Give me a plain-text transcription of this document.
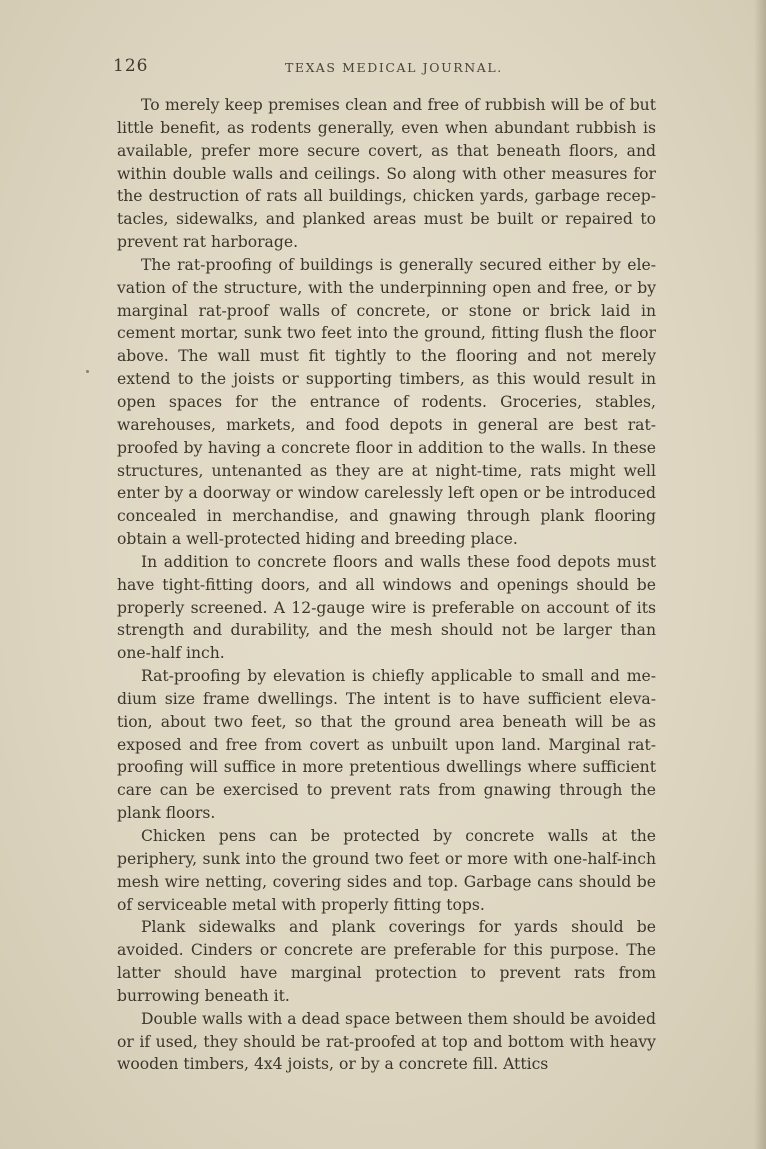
126	TEXAS MEDICAL JOURNAL.

To merely keep premises clean and free of rubbish will be of but little benefit, as rodents generally, even when abundant rubbish is available, prefer more secure covert, as that beneath floors, and within double walls and ceilings. So along with other measures for the destruction of rats all buildings, chicken yards, garbage receptacles, sidewalks, and planked areas must be built or repaired to prevent rat harborage.

The rat-proofing of buildings is generally secured either by elevation of the structure, with the underpinning open and free, or by marginal rat-proof walls of concrete, or stone or brick laid in cement mortar, sunk two feet into the ground, fitting flush the floor above. The wall must fit tightly to the flooring and not merely extend to the joists or supporting timbers, as this would result in open spaces for the entrance of rodents. Groceries, stables, warehouses, markets, and food depots in general are best rat-proofed by having a concrete floor in addition to the walls. In these structures, untenanted as they are at night-time, rats might well enter by a doorway or window carelessly left open or be introduced concealed in merchandise, and gnawing through plank flooring obtain a well-protected hiding and breeding place.

In addition to concrete floors and walls these food depots must have tight-fitting doors, and all windows and openings should be properly screened. A 12-gauge wire is preferable on account of its strength and durability, and the mesh should not be larger than one-half inch.

Rat-proofing by elevation is chiefly applicable to small and medium size frame dwellings. The intent is to have sufficient elevation, about two feet, so that the ground area beneath will be as exposed and free from covert as unbuilt upon land. Marginal rat-proofing will suffice in more pretentious dwellings where sufficient care can be exercised to prevent rats from gnawing through the plank floors.

Chicken pens can be protected by concrete walls at the periphery, sunk into the ground two feet or more with one-half-inch mesh wire netting, covering sides and top. Garbage cans should be of serviceable metal with properly fitting tops.

Plank sidewalks and plank coverings for yards should be avoided. Cinders or concrete are preferable for this purpose. The latter should have marginal protection to prevent rats from burrowing beneath it.

Double walls with a dead space between them should be avoided or if used, they should be rat-proofed at top and bottom with heavy wooden timbers, 4x4 joists, or by a concrete fill. Attics
